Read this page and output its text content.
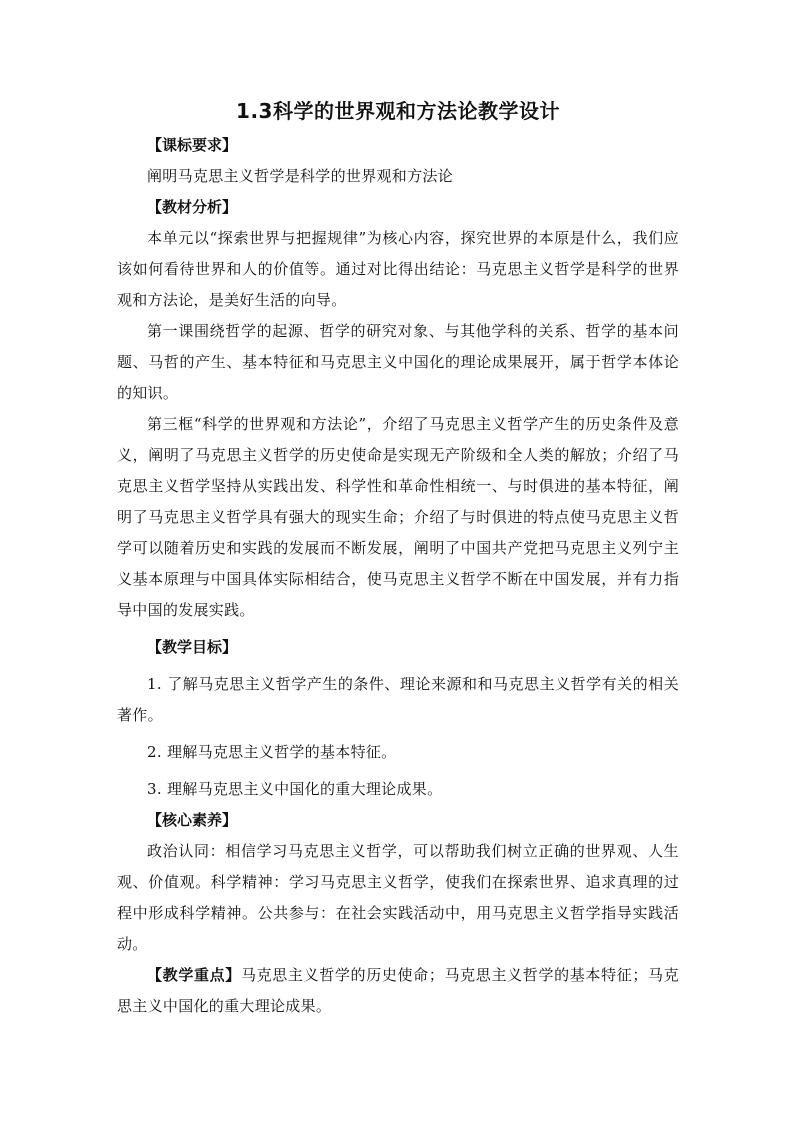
1.3科学的世界观和方法论教学设计

【课标要求】

阐明马克思主义哲学是科学的世界观和方法论

【教材分析】

本单元以“探索世界与把握规律”为核心内容，探究世界的本原是什么，我们应该如何看待世界和人的价值等。通过对比得出结论：马克思主义哲学是科学的世界观和方法论，是美好生活的向导。

第一课围绕哲学的起源、哲学的研究对象、与其他学科的关系、哲学的基本问题、马哲的产生、基本特征和马克思主义中国化的理论成果展开，属于哲学本体论的知识。

第三框“科学的世界观和方法论”，介绍了马克思主义哲学产生的历史条件及意义，阐明了马克思主义哲学的历史使命是实现无产阶级和全人类的解放；介绍了马克思主义哲学坚持从实践出发、科学性和革命性相统一、与时俱进的基本特征，阐明了马克思主义哲学具有强大的现实生命；介绍了与时俱进的特点使马克思主义哲学可以随着历史和实践的发展而不断发展，阐明了中国共产党把马克思主义列宁主义基本原理与中国具体实际相结合，使马克思主义哲学不断在中国发展，并有力指导中国的发展实践。

【教学目标】

1. 了解马克思主义哲学产生的条件、理论来源和和马克思主义哲学有关的相关著作。

2. 理解马克思主义哲学的基本特征。

3. 理解马克思主义中国化的重大理论成果。

【核心素养】

政治认同：相信学习马克思主义哲学，可以帮助我们树立正确的世界观、人生观、价值观。科学精神：学习马克思主义哲学，使我们在探索世界、追求真理的过程中形成科学精神。公共参与：在社会实践活动中，用马克思主义哲学指导实践活动。

【教学重点】马克思主义哲学的历史使命；马克思主义哲学的基本特征；马克思主义中国化的重大理论成果。
